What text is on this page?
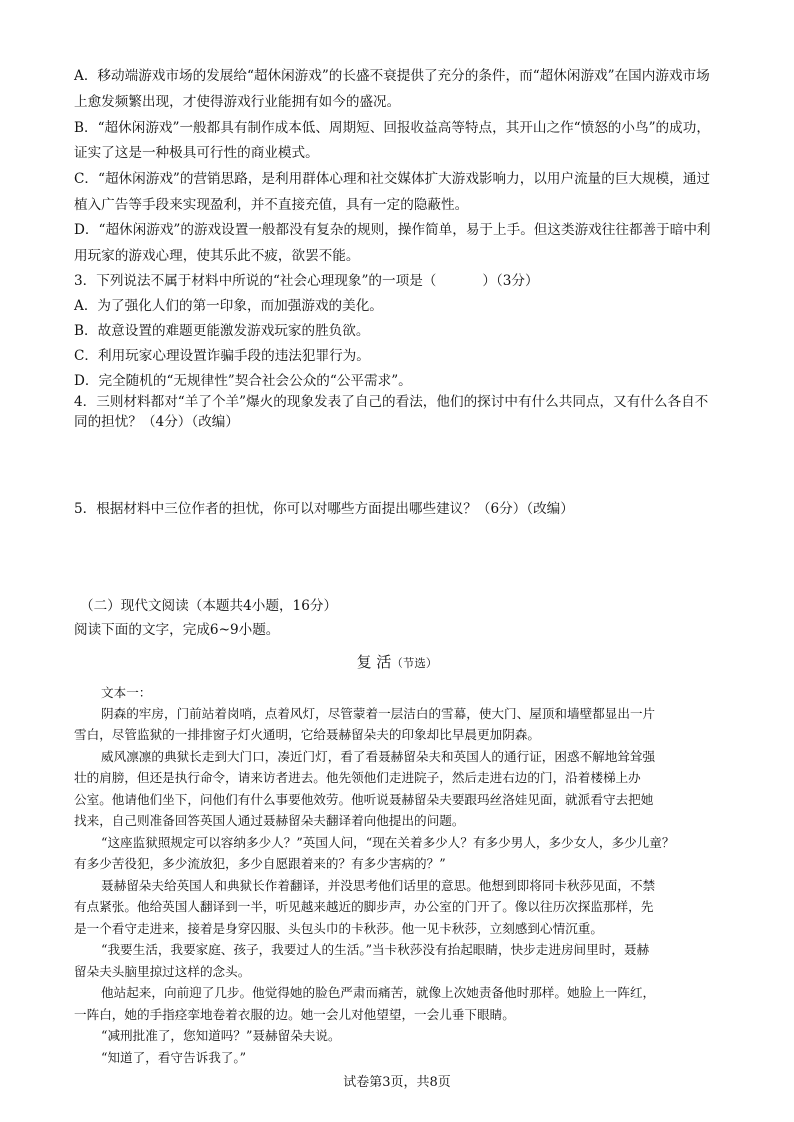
A．移动端游戏市场的发展给“超休闲游戏”的长盛不衰提供了充分的条件，而“超休闲游戏”在国内游戏市场
上愈发频繁出现，才使得游戏行业能拥有如今的盛况。
B．“超休闲游戏”一般都具有制作成本低、周期短、回报收益高等特点，其开山之作“愤怒的小鸟”的成功，
证实了这是一种极具可行性的商业模式。
C．“超休闲游戏”的营销思路，是利用群体心理和社交媒体扩大游戏影响力，以用户流量的巨大规模，通过
植入广告等手段来实现盈利，并不直接充值，具有一定的隐蔽性。
D．“超休闲游戏”的游戏设置一般都没有复杂的规则，操作简单，易于上手。但这类游戏往往都善于暗中利
用玩家的游戏心理，使其乐此不疲，欲罢不能。
3．下列说法不属于材料中所说的“社会心理现象”的一项是（	）（3分）
A．为了强化人们的第一印象，而加强游戏的美化。
B．故意设置的难题更能激发游戏玩家的胜负欲。
C．利用玩家心理设置诈骗手段的违法犯罪行为。
D．完全随机的“无规律性”契合社会公众的“公平需求”。
4．三则材料都对“羊了个羊”爆火的现象发表了自己的看法，他们的探讨中有什么共同点，又有什么各自不
同的担忧？（4分）（改编）
5．根据材料中三位作者的担忧，你可以对哪些方面提出哪些建议？（6分）（改编）
（二）现代文阅读（本题共4小题，16分）
阅读下面的文字，完成6~9小题。
复 活（节选）
文本一：
阴森的牢房，门前站着岗哨，点着风灯，尽管蒙着一层洁白的雪幕，使大门、屋顶和墙壁都显出一片
雪白，尽管监狱的一排排窗子灯火通明，它给聂赫留朵夫的印象却比早晨更加阴森。
威风凛凛的典狱长走到大门口，凑近门灯，看了看聂赫留朵夫和英国人的通行证，困惑不解地耸耸强
壮的肩膀，但还是执行命令，请来访者进去。他先领他们走进院子，然后走进右边的门，沿着楼梯上办
公室。他请他们坐下，问他们有什么事要他效劳。他听说聂赫留朵夫要跟玛丝洛娃见面，就派看守去把她
找来，自己则准备回答英国人通过聂赫留朵夫翻译着向他提出的问题。
“这座监狱照规定可以容纳多少人？”英国人问，“现在关着多少人？有多少男人，多少女人，多少儿童？
有多少苦役犯，多少流放犯，多少自愿跟着来的？有多少害病的？”
聂赫留朵夫给英国人和典狱长作着翻译，并没思考他们话里的意思。他想到即将同卡秋莎见面，不禁
有点紧张。他给英国人翻译到一半，听见越来越近的脚步声，办公室的门开了。像以往历次探监那样，先
是一个看守走进来，接着是身穿囚服、头包头巾的卡秋莎。他一见卡秋莎，立刻感到心情沉重。
“我要生活，我要家庭、孩子，我要过人的生活。”当卡秋莎没有抬起眼睛，快步走进房间里时，聂赫
留朵夫头脑里掠过这样的念头。
他站起来，向前迎了几步。他觉得她的脸色严肃而痛苦，就像上次她责备他时那样。她脸上一阵红，
一阵白，她的手指痉挛地卷着衣服的边。她一会儿对他望望，一会儿垂下眼睛。
“减刑批准了，您知道吗？”聂赫留朵夫说。
“知道了，看守告诉我了。”
试卷第3页，共8页
